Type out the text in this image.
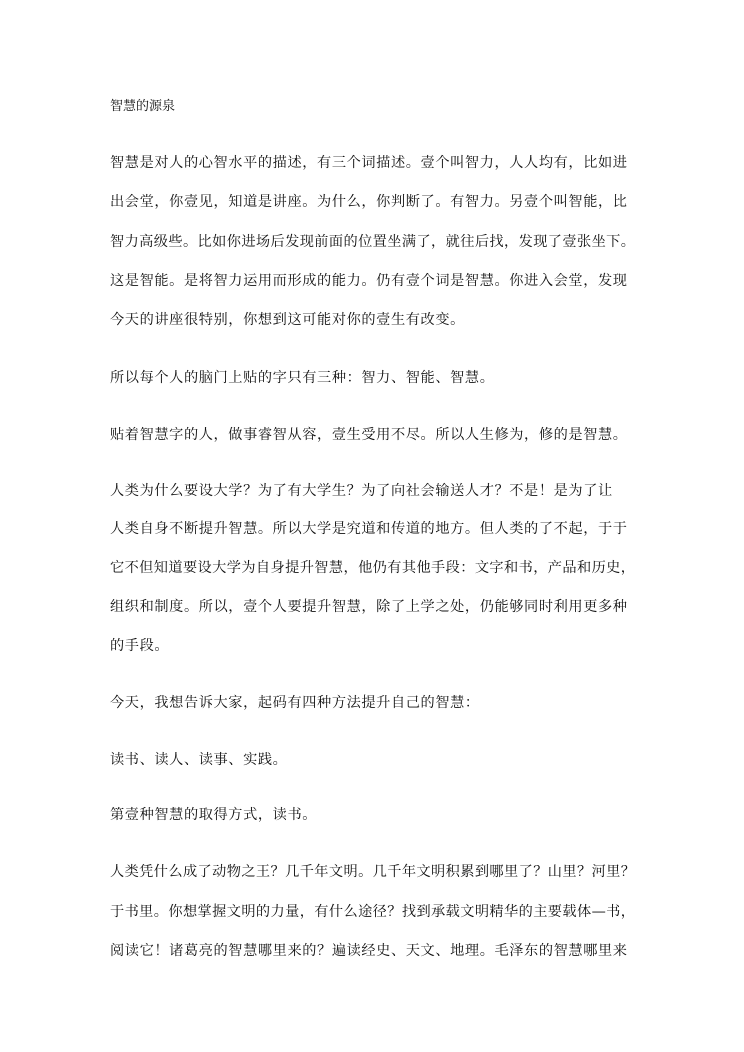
智慧的源泉
智慧是对人的心智水平的描述，有三个词描述。壹个叫智力，人人均有，比如进
出会堂，你壹见，知道是讲座。为什么，你判断了。有智力。另壹个叫智能，比
智力高级些。比如你进场后发现前面的位置坐满了，就往后找，发现了壹张坐下。
这是智能。是将智力运用而形成的能力。仍有壹个词是智慧。你进入会堂，发现
今天的讲座很特别，你想到这可能对你的壹生有改变。
所以每个人的脑门上贴的字只有三种：智力、智能、智慧。
贴着智慧字的人，做事睿智从容，壹生受用不尽。所以人生修为，修的是智慧。
人类为什么要设大学？为了有大学生？为了向社会输送人才？不是！是为了让
人类自身不断提升智慧。所以大学是究道和传道的地方。但人类的了不起，于于
它不但知道要设大学为自身提升智慧，他仍有其他手段：文字和书，产品和历史，
组织和制度。所以，壹个人要提升智慧，除了上学之处，仍能够同时利用更多种
的手段。
今天，我想告诉大家，起码有四种方法提升自己的智慧：
读书、读人、读事、实践。
第壹种智慧的取得方式，读书。
人类凭什么成了动物之王？几千年文明。几千年文明积累到哪里了？山里？河里？
于书里。你想掌握文明的力量，有什么途径？找到承载文明精华的主要载体—书，
阅读它！诸葛亮的智慧哪里来的？遍读经史、天文、地理。毛泽东的智慧哪里来
